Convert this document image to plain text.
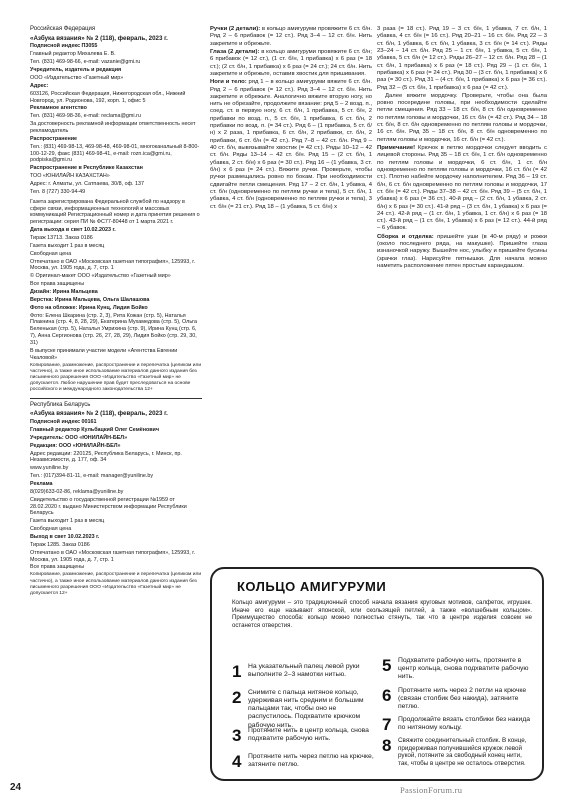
Российская Федерация

«Азбука вязания» № 2 (118), февраль, 2023 г.

Подписной индекс П3055

Главный редактор Михалева Е. В.

Тел. (831) 469-98-66, e-mail: vazanie@gmi.ru

Учредитель, издатель и редакция

ООО «Издательство «Газетный мир»

Адрес:

603126, Российская Федерация, Нижегородская обл., Нижний Новгород, ул. Родионова, 192, корп. 1, офис 5

Рекламное агентство

Тел. (831) 469-98-36, e-mail: reclama@gmi.ru

За достоверность рекламной информации ответственность несет рекламодатель

Распространение

Тел.: (831) 469-98-13, 469-98-48, 469-98-01, многоканальный 8-800-100-12-29, факс (831) 469-98-41, e-mail: rozn.ica@gmi.ru, podpiska@gmi.ru

Распространение в Республике Казахстан

ТОО «ЮНИЛАЙН КАЗАХСТАН»

Адрес: г. Алматы, ул. Сатпаева, 30/8, оф. 137

Тел. 8 (727) 330-94-49

Газета зарегистрирована Федеральной службой по надзору в сфере связи, информационных технологий и массовых коммуникаций Регистрационный номер и дата принятия решения о регистрации: серия ПИ № ФС77-80448 от 1 марта 2021 г.

Дата выхода в свет 10.02.2023 г.

Тираж 13713. Заказ 0186

Газета выходит 1 раз в месяц

Свободная цена

Отпечатано в ОАО «Московская газетная типография», 125993, г. Москва, ул. 1905 года, д. 7, стр. 1

© Оригинал-макет ООО «Издательство «Газетный мир»

Все права защищены

Дизайн: Ирина Мальцева

Верстка: Ирина Мальцева, Ольга Шалашова

Фото на обложке: Ирина Кунц, Лидия Бойко

Фото: Елена Шкарина (стр. 2, 3), Рита Кожан (стр. 5), Наталья Плакнина (стр. 4, 8, 28, 29), Екатерина Мухамедова (стр. 5), Ольга Беленькая (стр. 5), Наталья Умрихина (стр. 9), Ирина Кунц (стр. 6, 7), Анна Сергионова (стр. 26, 27, 28, 29), Лидия Бойко (стр. 29, 30, 31)

В выпуске принимали участие модели «Агентства Евгении Чкаловой»

Копирование, размножение, распространение и перепечатка (целиком или частично), а также иное использование материалов данного издания без письменного разрешения ООО «Издательство «Газетный мир» не допускается. Любое нарушение прав будет преследоваться на основе российского и международного законодательства 12+

Республика Беларусь

«Азбука вязания» № 2 (118), февраль, 2023 г.

Подписной индекс 00161

Главный редактор Кульбацкий Олег Семёнович

Учредитель: ООО «ЮНИЛАЙН-БЕЛ»

Редакция: ООО «ЮНИЛАЙН-БЕЛ»

Адрес редакции: 220125, Республика Беларусь, г. Минск, пр. Независимости, д. 177, оф. 34

www.yuniline.by

Тел.: (017)394-81-11, e-mail: manager@yuniline.by

Реклама

8(029)633-02-86, reklama@yuniline.by

Свидетельство о государственной регистрации №1959 от 28.02.2020 г. выдано Министерством информации Республики Беларусь

Газета выходит 1 раз в месяц

Свободная цена

Выход в свет 10.02.2023 г.

Тираж 1285. Заказ 0186

Отпечатано в ОАО «Московская газетная типография», 125993, г. Москва, ул. 1905 года, д. 7, стр. 1

Все права защищены

Копирование, размножение, распространение и перепечатка (целиком или частично), а также иное использование материалов данного издания без письменного разрешения ООО «Издательство «Газетный мир» не допускается 12+

Ручки (2 детали): в кольцо амигуруми провяжите 6 ст. б/н. Ряд 2 – 6 прибавок (= 12 ст.). Ряд 3–4 – 12 ст. б/н. Нить закрепите и обрежьте.

Глаза (2 детали): в кольцо амигуруми провяжите 6 ст. б/н; 6 прибавок (= 12 ст.), (1 ст. б/н, 1 прибавка) х 6 раз (= 18 ст.); (2 ст. б/н, 1 прибавка) х 6 раз (= 24 ст.); 24 ст. б/н. Нить закрепите и обрежьте, оставив хвостик для пришивания.

Ноги и тело: ряд 1 – в кольцо амигуруми вяжите 6 ст. б/н. Ряд 2 – 6 прибавок (= 12 ст.). Ряд 3–4 – 12 ст. б/н. Нить закрепите и обрежьте. Аналогично вяжите вторую ногу, но нить не обрезайте, продолжите вязание: ряд 5 – 2 возд. п., соед. ст. в первую ногу, 6 ст. б/н, 1 прибавка, 5 ст. б/н, 2 прибавки по возд. п., 5 ст. б/н, 1 прибавка, 6 ст. б/н, 2 прибавки по возд. п. (= 34 ст.). Ряд 6 – (1 прибавка, 5 ст. б/н) х 2 раза, 1 прибавка, 6 ст. б/н, 2 прибавки, ст. б/н, 2 прибавки, 6 ст. б/н (= 42 ст.). Ряд 7–8 – 42 ст. б/н. Ряд 9 – 40 ст. б/н, вывязывайте хвостик (= 42 ст.). Ряды 10–12 – 42 ст. б/н. Ряды 13–14 – 42 ст. б/н. Ряд 15 – (2 ст. б/н, 1 убавка, 2 ст. б/н) х 6 раз (= 30 ст.). Ряд 16 – (1 убавка, 3 ст. б/н) х 6 раз (= 24 ст.). Вяжите ручки. Проверьте, чтобы ручки размещались ровно по бокам. При необходимости сдвигайте петли смещения. Ряд 17 – 2 ст. б/н, 1 убавка, 4 ст. б/н (одновременно по петлям ручки и тела), 5 ст. б/н, 1 убавка, 4 ст. б/н (одновременно по петлям ручки и тела), 3 ст. б/н (= 21 ст.). Ряд 18 – (1 убавка, 5 ст. б/н) х

3 раза (= 18 ст.). Ряд 19 – 3 ст. б/н, 1 убавка, 7 ст. б/н, 1 убавка, 4 ст. б/н (= 16 ст.). Ряд 20–21 – 16 ст. б/н. Ряд 22 – 3 ст. б/н, 1 убавка, 6 ст. б/н, 1 убавка, 3 ст. б/н (= 14 ст.). Ряды 23–24 – 14 ст. б/н. Ряд 25 – 1 ст. б/н, 1 убавка, 5 ст. б/н, 1 убавка, 5 ст. б/н (= 12 ст.). Ряды 26–27 – 12 ст. б/н. Ряд 28 – (1 ст. б/н, 1 прибавка) х 6 раз (= 18 ст.). Ряд 29 – (1 ст. б/н, 1 прибавка) х 6 раз (= 24 ст.). Ряд 30 – (3 ст. б/н, 1 прибавка) х 6 раз (= 30 ст.). Ряд 31 – (4 ст. б/н, 1 прибавка) х 6 раз (= 36 ст.). Ряд 32 – (5 ст. б/н, 1 прибавка) х 6 раз (= 42 ст.).

Далее вяжите мордочку. Проверьте, чтобы она была ровно посередине головы, при необходимости сделайте петли смещения. Ряд 33 – 18 ст. б/н, 8 ст. б/н одновременно по петлям головы и мордочки, 16 ст. б/н (= 42 ст.). Ряд 34 – 18 ст. б/н, 8 ст. б/н одновременно по петлям головы и мордочки, 16 ст. б/н. Ряд 35 – 18 ст. б/н, 8 ст. б/н одновременно по петлям головы и мордочки, 16 ст. б/н (= 42 ст.).

Примечание! Крючок в петлю мордочки следует вводить с лицевой стороны. Ряд 35 – 18 ст. б/н, 1 ст. б/н одновременно по петлям головы и мордочки, 6 ст. б/н, 1 ст. б/н одновременно по петлям головы и мордочки, 16 ст. б/н (= 42 ст.). Плотно набейте мордочку наполнителем. Ряд 36 – 19 ст. б/н, 6 ст. б/н одновременно по петлям головы и мордочки, 17 ст. б/н (= 42 ст.). Ряды 37–38 – 42 ст. б/н. Ряд 39 – (5 ст. б/н, 1 убавка) х 6 раз (= 36 ст.). 40-й ряд – (2 ст. б/н, 1 убавка, 2 ст. б/н) х 6 раз (= 30 ст.). 41-й ряд – (3 ст. б/н, 1 убавка) х 6 раз (= 24 ст.). 42-й ряд – (1 ст. б/н, 1 убавка, 1 ст. б/н) х 6 раз (= 18 ст.). 43-й ряд – (1 ст. б/н, 1 убавка) х 6 раз (= 12 ст.). 44-й ряд – 6 убавок.

Сборка и отделка: пришейте уши (в 40-м ряду) и рожки (около последнего ряда, на макушке). Пришейте глаза изнаночкой наружу. Вышейте нос, улыбку и пришейте бусины (зрачки глаз). Нарисуйте пятнышки. Для начала можно наметить расположение пятен простым карандашом.

КОЛЬЦО АМИГУРУМИ
Кольцо амигуруми – это традиционный способ начала вязания круговых мотивов, салфеток, игрушек. Иначе его еще называют японской, или скользящей петлей, а также «волшебным кольцом». Преимущество способа: кольцо можно полностью стянуть, так что в центре изделия совсем не останется отверстия.
1 На указательный палец левой руки выполните 2–3 намотки нитью.
2 Снимите с пальца нитяное кольцо, удерживая нить средним и большим пальцами так, чтобы оно не распустилось. Подхватите крючком рабочую нить.
3 Протяните нить в центр кольца, снова подхватите рабочую нить.
4 Протяните нить через петлю на крючке, затяните петлю.
5 Подхватите рабочую нить, протяните в центр кольца, снова подхватите рабочую нить.
6 Протяните нить через 2 петли на крючке (связан столбик без накида), затяните петлю.
7 Продолжайте вязать столбики без накида по нитяному кольцу.
8	Свяжите соединительный столбик. В конце, придерживая получившийся кружок левой рукой, потяните за свободный конец нити, так, чтобы в центре не осталось отверстия.
24	PassionForum.ru
